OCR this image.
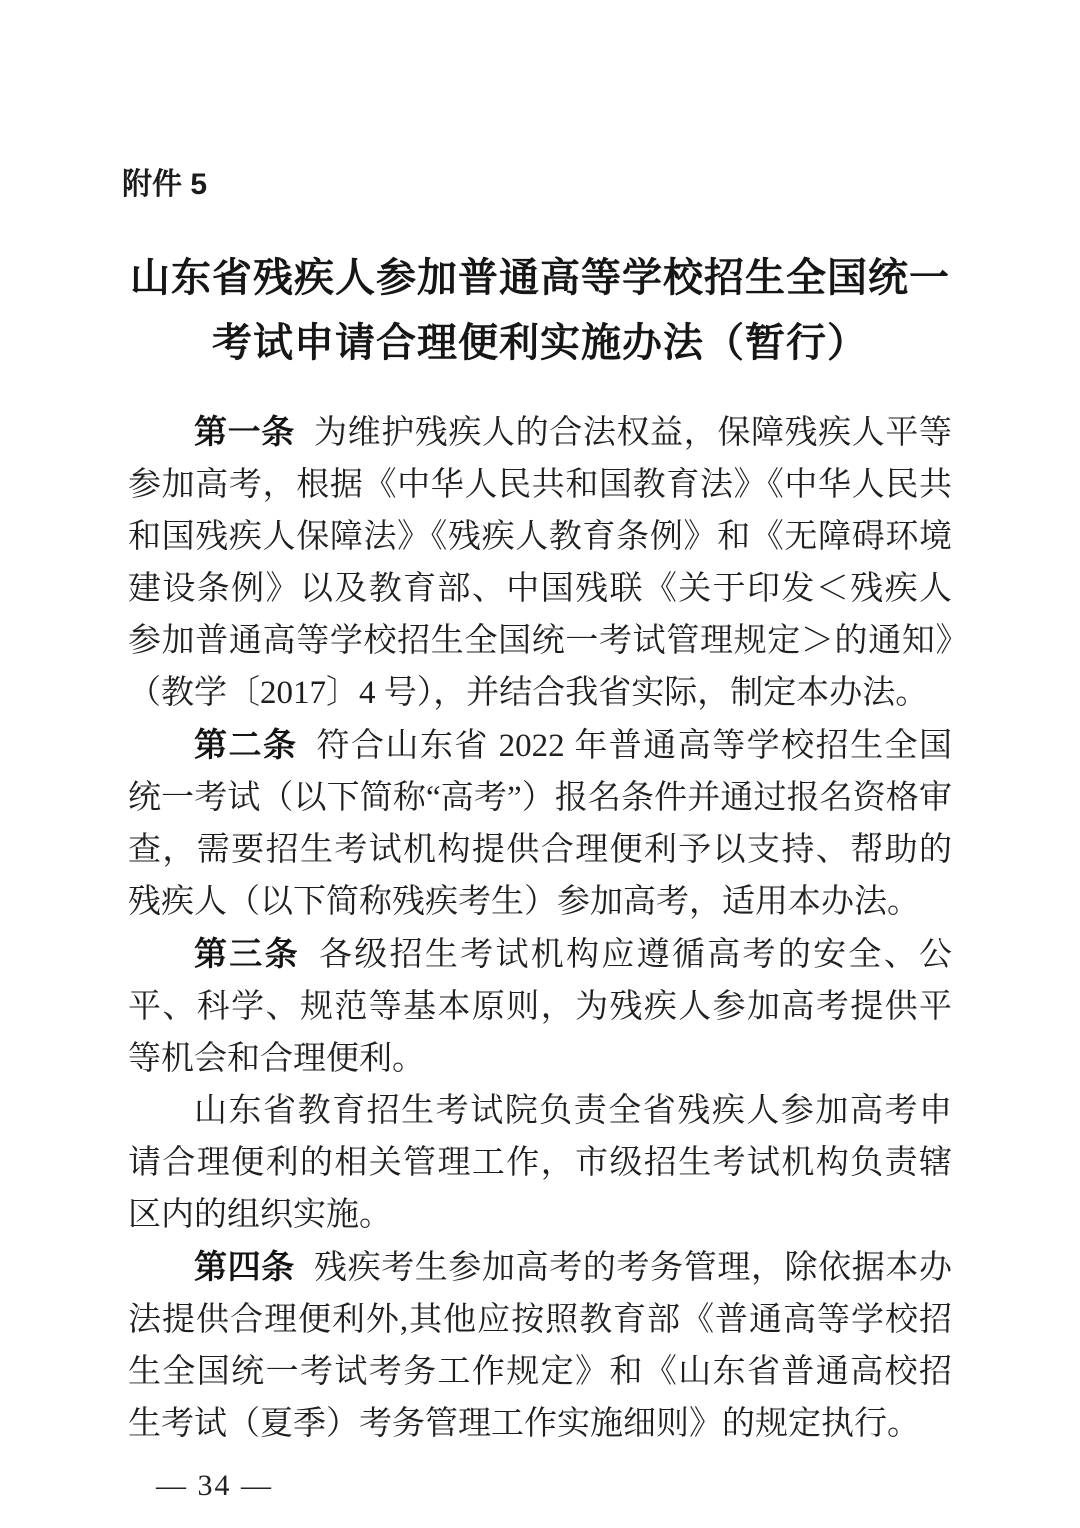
附件 5
山东省残疾人参加普通高等学校招生全国统一
考试申请合理便利实施办法（暂行）

第一条 为维护残疾人的合法权益，保障残疾人平等参加高考，根据《中华人民共和国教育法》《中华人民共和国残疾人保障法》《残疾人教育条例》和《无障碍环境建设条例》以及教育部、中国残联《关于印发＜残疾人参加普通高等学校招生全国统一考试管理规定＞的通知》（教学〔2017〕4 号），并结合我省实际，制定本办法。

第二条 符合山东省 2022 年普通高等学校招生全国统一考试（以下简称“高考”）报名条件并通过报名资格审查，需要招生考试机构提供合理便利予以支持、帮助的残疾人（以下简称残疾考生）参加高考，适用本办法。

第三条 各级招生考试机构应遵循高考的安全、公平、科学、规范等基本原则，为残疾人参加高考提供平等机会和合理便利。

山东省教育招生考试院负责全省残疾人参加高考申请合理便利的相关管理工作，市级招生考试机构负责辖区内的组织实施。

第四条 残疾考生参加高考的考务管理，除依据本办法提供合理便利外,其他应按照教育部《普通高等学校招生全国统一考试考务工作规定》和《山东省普通高校招生考试（夏季）考务管理工作实施细则》的规定执行。

— 34 —
